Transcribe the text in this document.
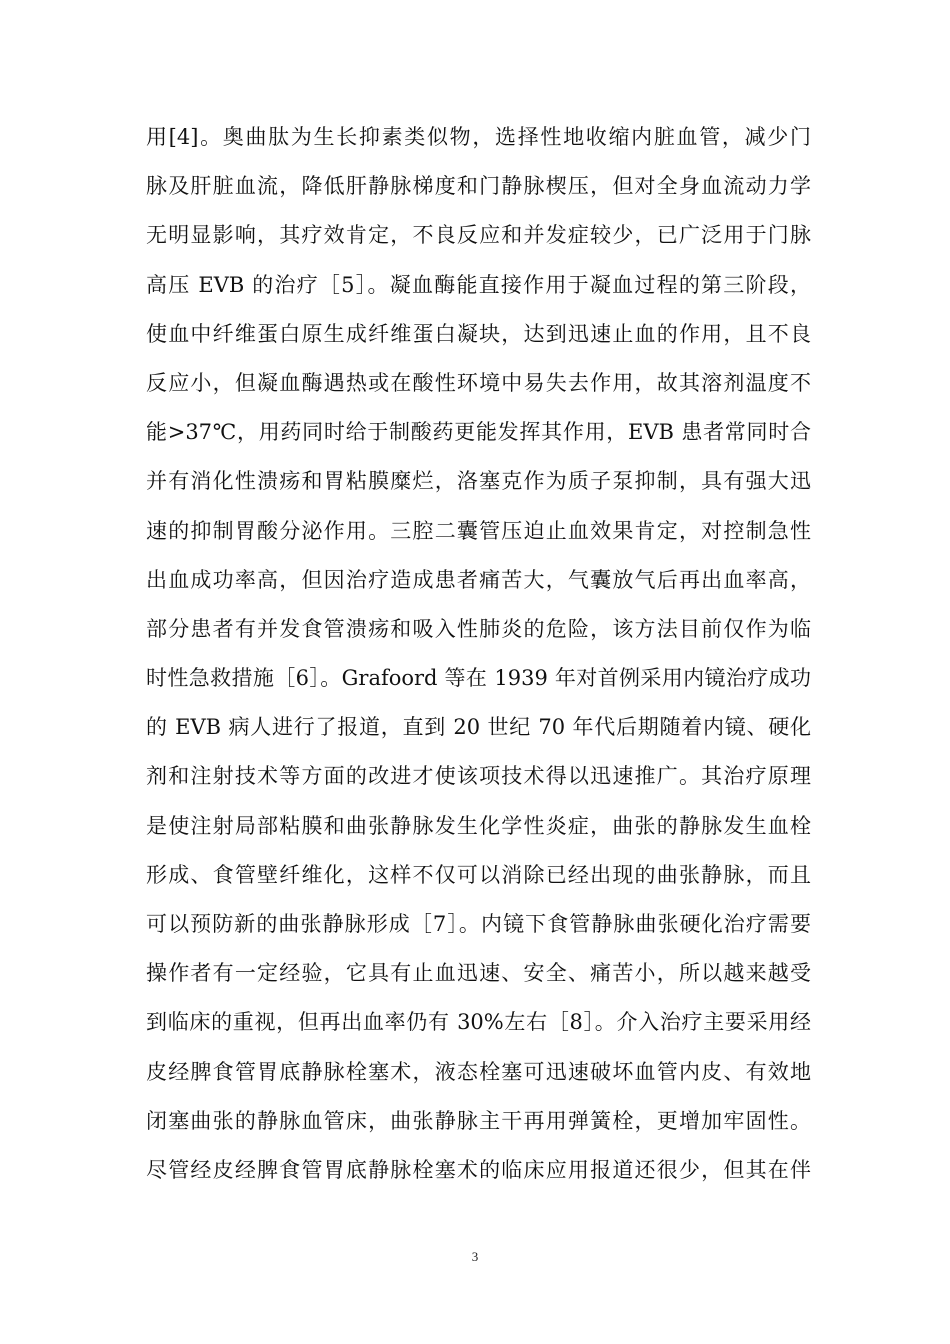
用[4]。奥曲肽为生长抑素类似物，选择性地收缩内脏血管，减少门
脉及肝脏血流，降低肝静脉梯度和门静脉楔压，但对全身血流动力学
无明显影响，其疗效肯定，不良反应和并发症较少，已广泛用于门脉
高压 EVB 的治疗［5］。凝血酶能直接作用于凝血过程的第三阶段，
使血中纤维蛋白原生成纤维蛋白凝块，达到迅速止血的作用，且不良
反应小，但凝血酶遇热或在酸性环境中易失去作用，故其溶剂温度不
能>37℃，用药同时给于制酸药更能发挥其作用，EVB 患者常同时合
并有消化性溃疡和胃粘膜糜烂，洛塞克作为质子泵抑制，具有强大迅
速的抑制胃酸分泌作用。三腔二囊管压迫止血效果肯定，对控制急性
出血成功率高，但因治疗造成患者痛苦大，气囊放气后再出血率高，
部分患者有并发食管溃疡和吸入性肺炎的危险，该方法目前仅作为临
时性急救措施［6］。Grafoord 等在 1939 年对首例采用内镜治疗成功
的 EVB 病人进行了报道，直到 20 世纪 70 年代后期随着内镜、硬化
剂和注射技术等方面的改进才使该项技术得以迅速推广。其治疗原理
是使注射局部粘膜和曲张静脉发生化学性炎症，曲张的静脉发生血栓
形成、食管壁纤维化，这样不仅可以消除已经出现的曲张静脉，而且
可以预防新的曲张静脉形成［7］。内镜下食管静脉曲张硬化治疗需要
操作者有一定经验，它具有止血迅速、安全、痛苦小，所以越来越受
到临床的重视，但再出血率仍有 30%左右［8］。介入治疗主要采用经
皮经脾食管胃底静脉栓塞术，液态栓塞可迅速破坏血管内皮、有效地
闭塞曲张的静脉血管床，曲张静脉主干再用弹簧栓，更增加牢固性。
尽管经皮经脾食管胃底静脉栓塞术的临床应用报道还很少，但其在伴
3
